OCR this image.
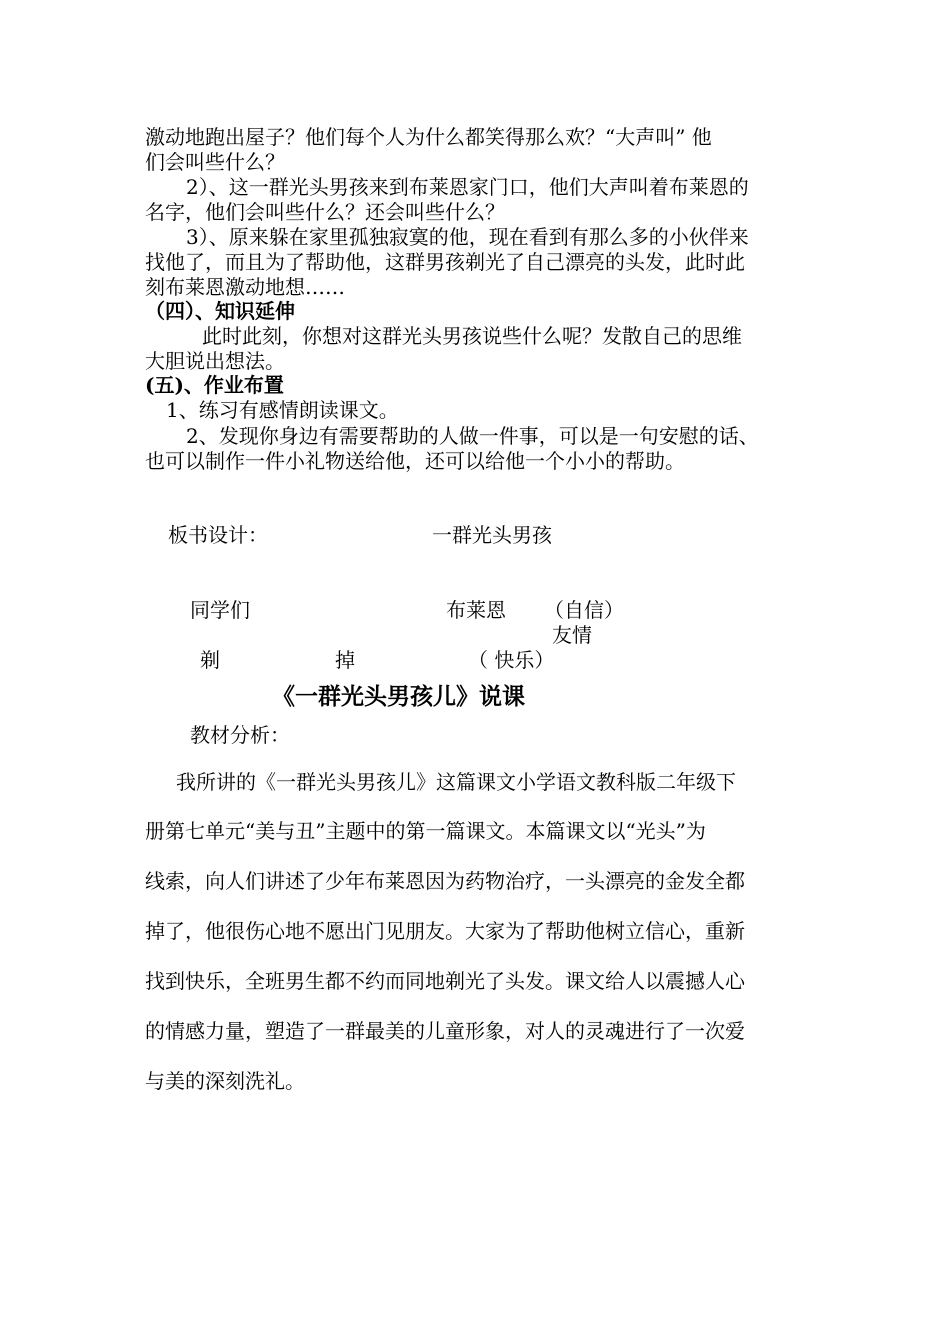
激动地跑出屋子？他们每个人为什么都笑得那么欢？“大声叫” 他
们会叫些什么？
2）、这一群光头男孩来到布莱恩家门口，他们大声叫着布莱恩的
名字，他们会叫些什么？还会叫些什么？
3）、原来躲在家里孤独寂寞的他，现在看到有那么多的小伙伴来
找他了，而且为了帮助他，这群男孩剃光了自己漂亮的头发，此时此
刻布莱恩激动地想……
（四）、知识延伸
此时此刻，你想对这群光头男孩说些什么呢？发散自己的思维
大胆说出想法。
(五)、作业布置
1、练习有感情朗读课文。
2、发现你身边有需要帮助的人做一件事，可以是一句安慰的话、
也可以制作一件小礼物送给他，还可以给他一个小小的帮助。
板书设计：	一群光头男孩
同学们	布莱恩 （自信）
友情
剃	掉	（ 快乐）
《一群光头男孩儿》说课
教材分析：
我所讲的《一群光头男孩儿》这篇课文小学语文教科版二年级下
册第七单元“美与丑”主题中的第一篇课文。本篇课文以“光头”为
线索，向人们讲述了少年布莱恩因为药物治疗，一头漂亮的金发全都
掉了，他很伤心地不愿出门见朋友。大家为了帮助他树立信心，重新
找到快乐，全班男生都不约而同地剃光了头发。课文给人以震撼人心
的情感力量，塑造了一群最美的儿童形象，对人的灵魂进行了一次爱
与美的深刻洗礼。
